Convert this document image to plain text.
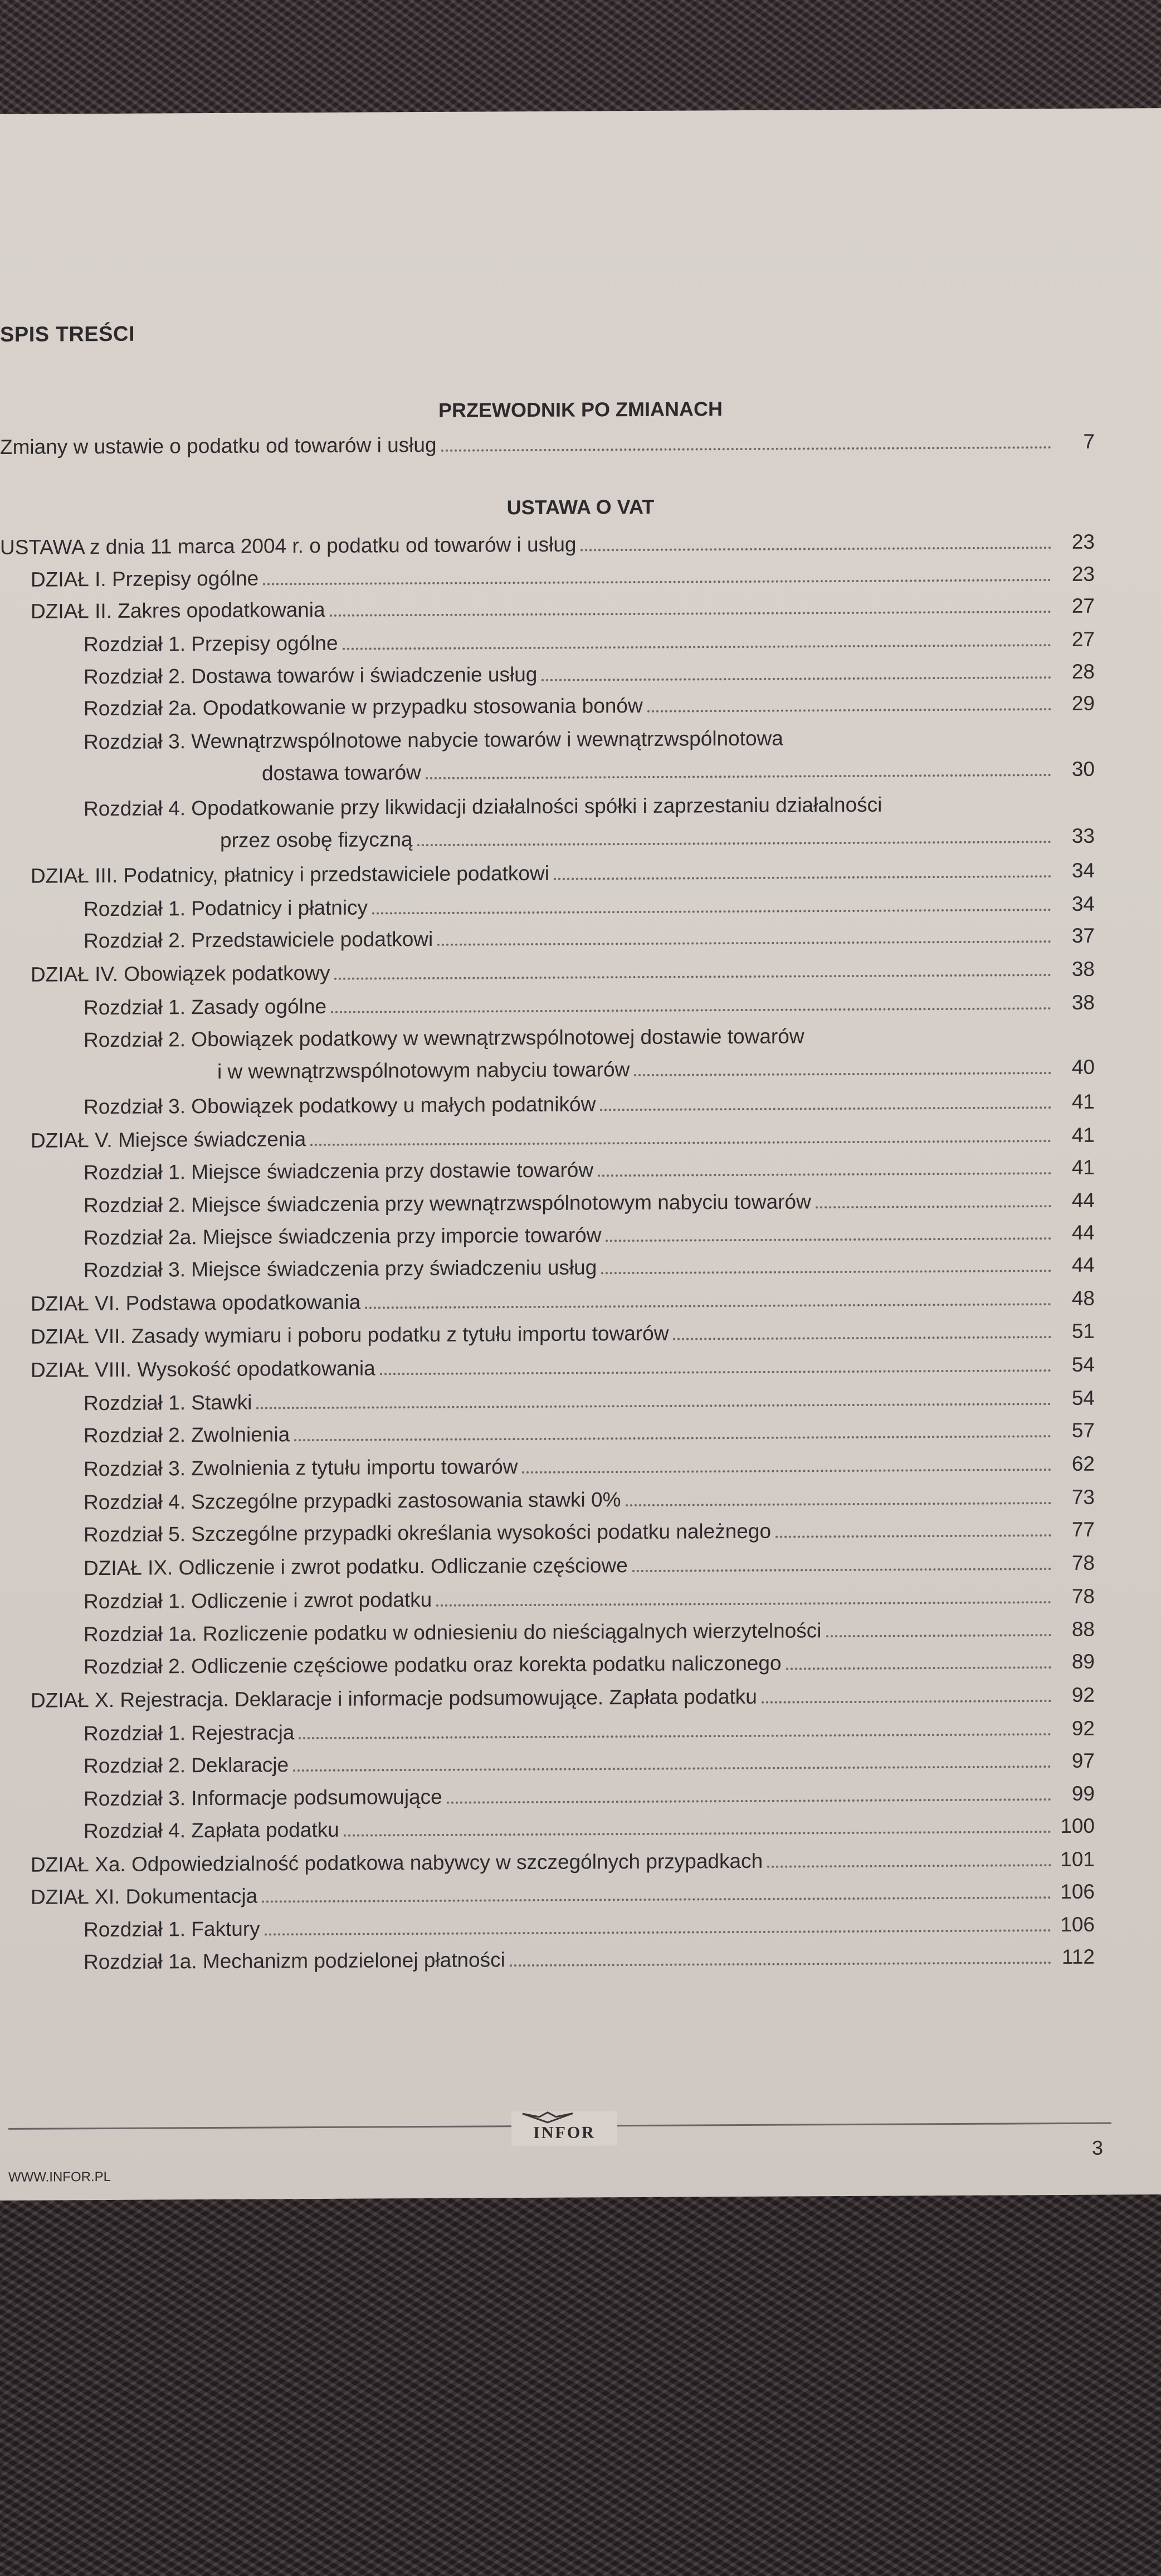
SPIS TREŚCI
PRZEWODNIK PO ZMIANACH
USTAWA O VAT
Zmiany w ustawie o podatku od towarów i usług	7
USTAWA z dnia 11 marca 2004 r. o podatku od towarów i usług	23
DZIAŁ I. Przepisy ogólne	23
DZIAŁ II. Zakres opodatkowania	27
Rozdział 1. Przepisy ogólne	27
Rozdział 2. Dostawa towarów i świadczenie usług	28
Rozdział 2a. Opodatkowanie w przypadku stosowania bonów	29
Rozdział 3. Wewnątrzwspólnotowe nabycie towarów i wewnątrzwspólnotowa
dostawa towarów	30
Rozdział 4. Opodatkowanie przy likwidacji działalności spółki i zaprzestaniu działalności
przez osobę fizyczną	33
DZIAŁ III. Podatnicy, płatnicy i przedstawiciele podatkowi	34
Rozdział 1. Podatnicy i płatnicy	34
Rozdział 2. Przedstawiciele podatkowi	37
DZIAŁ IV. Obowiązek podatkowy	38
Rozdział 1. Zasady ogólne	38
Rozdział 2. Obowiązek podatkowy w wewnątrzwspólnotowej dostawie towarów
i w wewnątrzwspólnotowym nabyciu towarów	40
Rozdział 3. Obowiązek podatkowy u małych podatników	41
DZIAŁ V. Miejsce świadczenia	41
Rozdział 1. Miejsce świadczenia przy dostawie towarów	41
Rozdział 2. Miejsce świadczenia przy wewnątrzwspólnotowym nabyciu towarów	44
Rozdział 2a. Miejsce świadczenia przy imporcie towarów	44
Rozdział 3. Miejsce świadczenia przy świadczeniu usług	44
DZIAŁ VI. Podstawa opodatkowania	48
DZIAŁ VII. Zasady wymiaru i poboru podatku z tytułu importu towarów	51
DZIAŁ VIII. Wysokość opodatkowania	54
Rozdział 1. Stawki	54
Rozdział 2. Zwolnienia	57
Rozdział 3. Zwolnienia z tytułu importu towarów	62
Rozdział 4. Szczególne przypadki zastosowania stawki 0%	73
Rozdział 5. Szczególne przypadki określania wysokości podatku należnego	77
DZIAŁ IX. Odliczenie i zwrot podatku. Odliczanie częściowe	78
Rozdział 1. Odliczenie i zwrot podatku	78
Rozdział 1a. Rozliczenie podatku w odniesieniu do nieściągalnych wierzytelności	88
Rozdział 2. Odliczenie częściowe podatku oraz korekta podatku naliczonego	89
DZIAŁ X. Rejestracja. Deklaracje i informacje podsumowujące. Zapłata podatku	92
Rozdział 1. Rejestracja	92
Rozdział 2. Deklaracje	97
Rozdział 3. Informacje podsumowujące	99
Rozdział 4. Zapłata podatku	100
DZIAŁ Xa. Odpowiedzialność podatkowa nabywcy w szczególnych przypadkach	101
DZIAŁ XI. Dokumentacja	106
Rozdział 1. Faktury	106
Rozdział 1a. Mechanizm podzielonej płatności	112
INFOR
3
WWW.INFOR.PL
